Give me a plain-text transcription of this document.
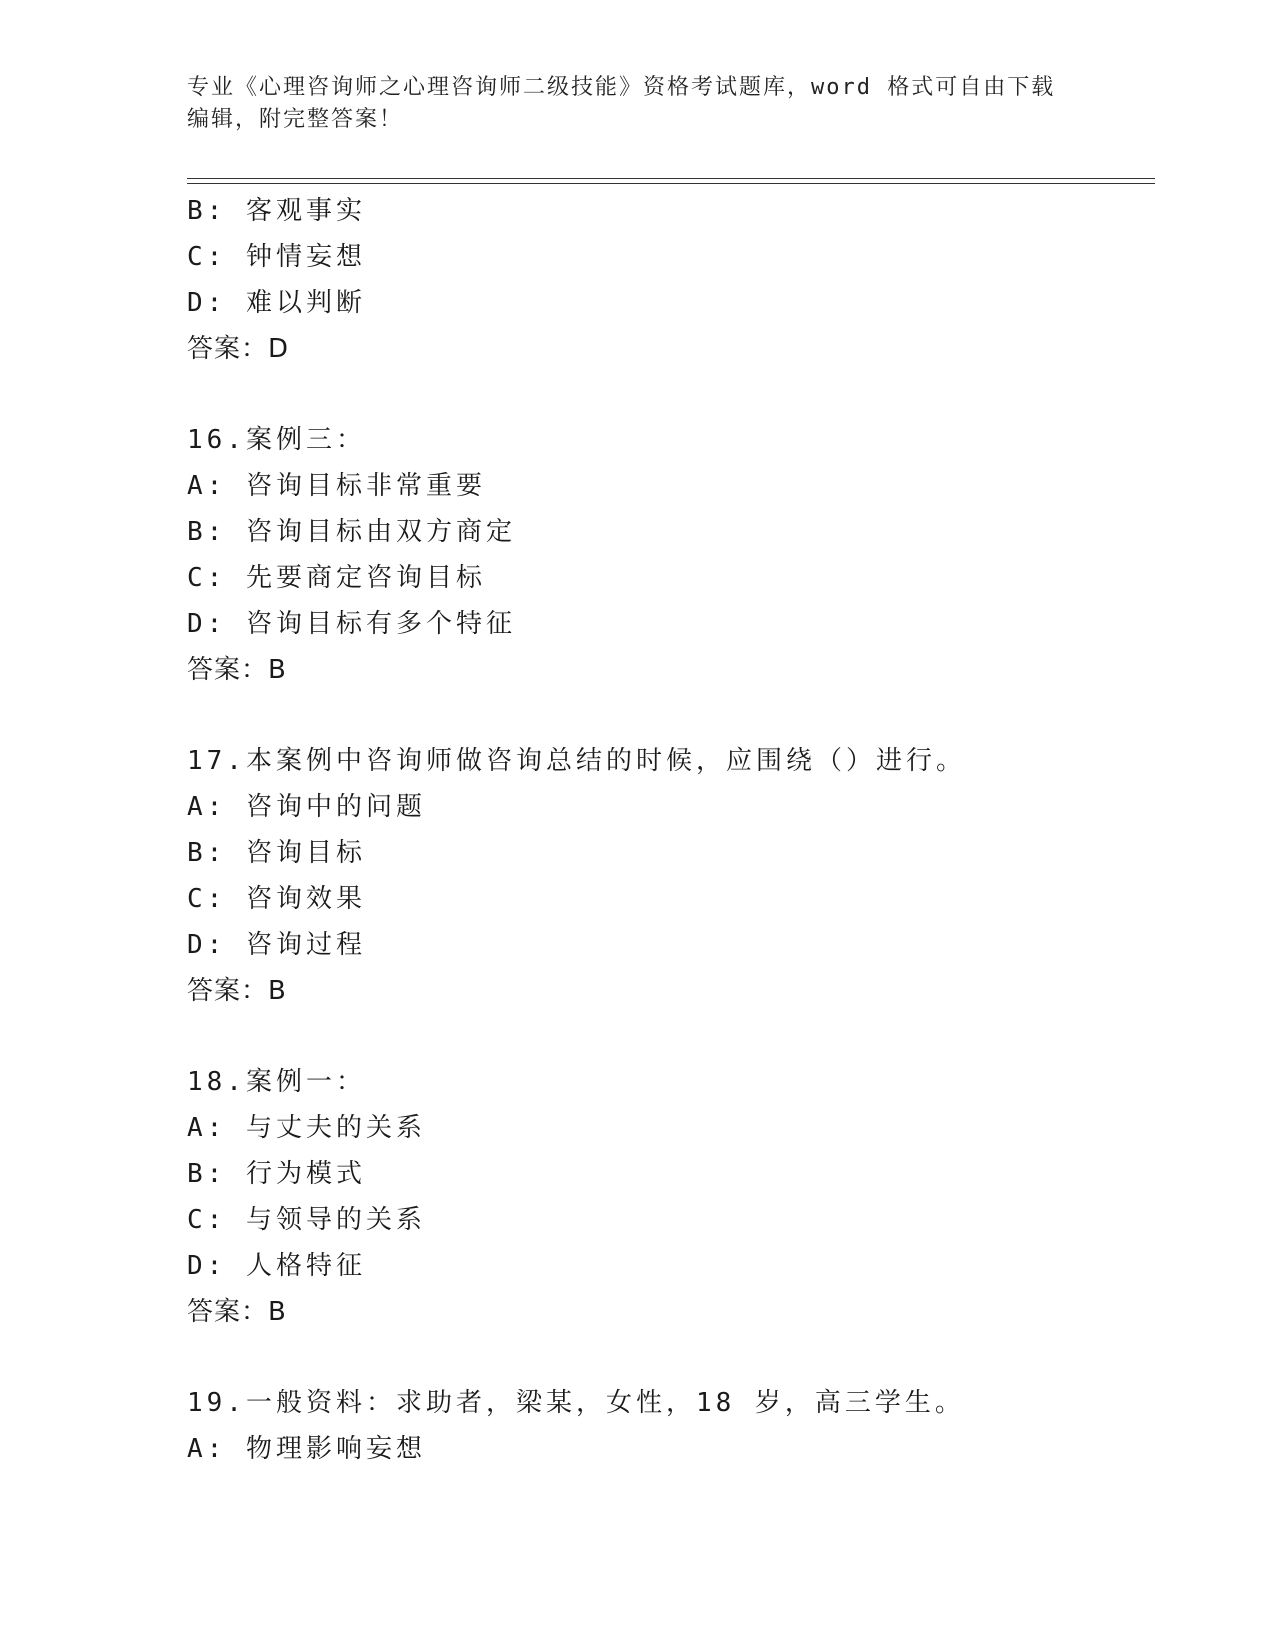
专业《心理咨询师之心理咨询师二级技能》资格考试题库，word 格式可自由下载
编辑，附完整答案！
B: 客观事实
C: 钟情妄想
D: 难以判断
答案：D
16.案例三：
A: 咨询目标非常重要
B: 咨询目标由双方商定
C: 先要商定咨询目标
D: 咨询目标有多个特征
答案：B
17.本案例中咨询师做咨询总结的时候，应围绕（）进行。
A: 咨询中的问题
B: 咨询目标
C: 咨询效果
D: 咨询过程
答案：B
18.案例一：
A: 与丈夫的关系
B: 行为模式
C: 与领导的关系
D: 人格特征
答案：B
19.一般资料：求助者，梁某，女性，18 岁，高三学生。
A: 物理影响妄想
